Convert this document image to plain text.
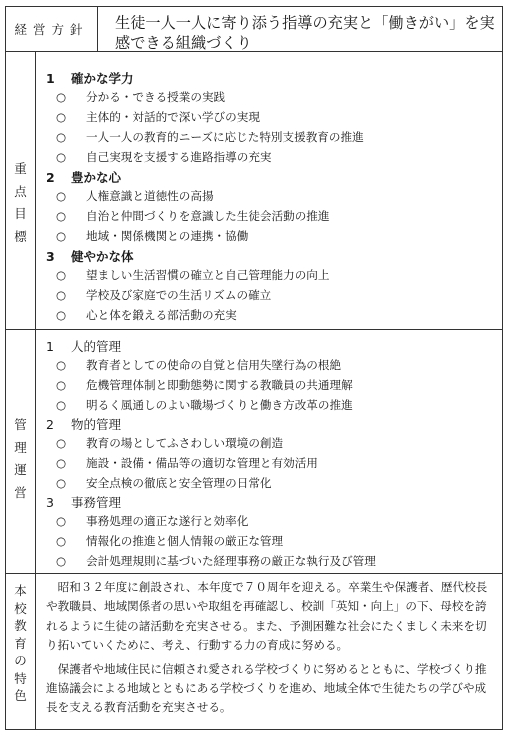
経営方針	生徒一人一人に寄り添う指導の充実と「働きがい」を実感できる組織づくり
重
点
目
標
1 確かな学力
○ 分かる・できる授業の実践
○ 主体的・対話的で深い学びの実現
○ 一人一人の教育的ニーズに応じた特別支援教育の推進
○ 自己実現を支援する進路指導の充実
2 豊かな心
○ 人権意識と道徳性の高揚
○ 自治と仲間づくりを意識した生徒会活動の推進
○ 地域・関係機関との連携・協働
3 健やかな体
○ 望ましい生活習慣の確立と自己管理能力の向上
○ 学校及び家庭での生活リズムの確立
○ 心と体を鍛える部活動の充実
管
理
運
営
1 人的管理
○ 教育者としての使命の自覚と信用失墜行為の根絶
○ 危機管理体制と即動態勢に関する教職員の共通理解
○ 明るく風通しのよい職場づくりと働き方改革の推進
2 物的管理
○ 教育の場としてふさわしい環境の創造
○ 施設・設備・備品等の適切な管理と有効活用
○ 安全点検の徹底と安全管理の日常化
3 事務管理
○ 事務処理の適正な遂行と効率化
○ 情報化の推進と個人情報の厳正な管理
○ 会計処理規則に基づいた経理事務の厳正な執行及び管理
本
校
教
育
の
特
色

昭和３２年度に創設され、本年度で７０周年を迎える。卒業生や保護者、歴代校長や教職員、地域関係者の思いや取組を再確認し、校訓「英知・向上」の下、母校を誇れるように生徒の諸活動を充実させる。また、予測困難な社会にたくましく未来を切り拓いていくために、考え、行動する力の育成に努める。

保護者や地域住民に信頼され愛される学校づくりに努めるとともに、学校づくり推進協議会による地域とともにある学校づくりを進め、地域全体で生徒たちの学びや成長を支える教育活動を充実させる。
